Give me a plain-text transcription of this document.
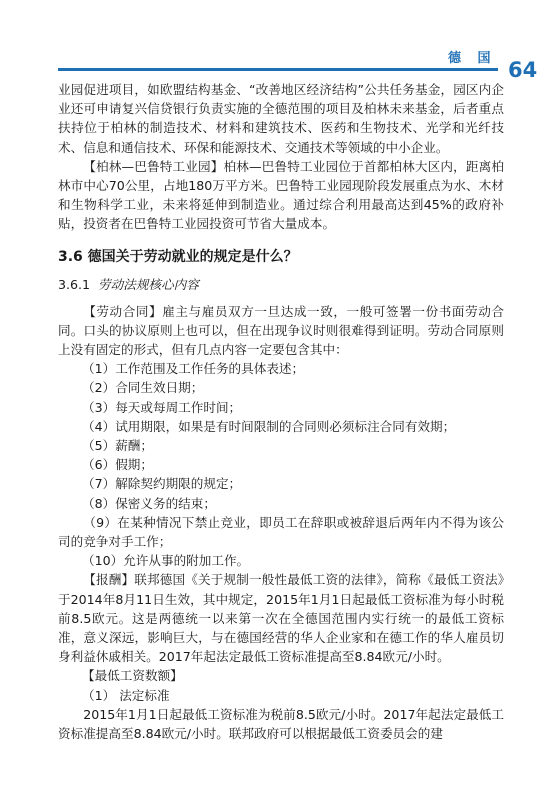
德 国 64

业园促进项目，如欧盟结构基金、“改善地区经济结构”公共任务基金，园区内企业还可申请复兴信贷银行负责实施的全德范围的项目及柏林未来基金，后者重点扶持位于柏林的制造技术、材料和建筑技术、医药和生物技术、光学和光纤技术、信息和通信技术、环保和能源技术、交通技术等领域的中小企业。

【柏林—巴鲁特工业园】柏林—巴鲁特工业园位于首都柏林大区内，距离柏林市中心70公里，占地180万平方米。巴鲁特工业园现阶段发展重点为水、木材和生物科学工业，未来将延伸到制造业。通过综合利用最高达到45%的政府补贴，投资者在巴鲁特工业园投资可节省大量成本。

3.6 德国关于劳动就业的规定是什么？

3.6.1 劳动法规核心内容

【劳动合同】雇主与雇员双方一旦达成一致，一般可签署一份书面劳动合同。口头的协议原则上也可以，但在出现争议时则很难得到证明。劳动合同原则上没有固定的形式，但有几点内容一定要包含其中：

（1）工作范围及工作任务的具体表述；

（2）合同生效日期；

（3）每天或每周工作时间；

（4）试用期限，如果是有时间限制的合同则必须标注合同有效期；

（5）薪酬；

（6）假期；

（7）解除契约期限的规定；

（8）保密义务的结束；

（9）在某种情况下禁止竞业，即员工在辞职或被辞退后两年内不得为该公司的竞争对手工作；

（10）允许从事的附加工作。

【报酬】联邦德国《关于规制一般性最低工资的法律》，简称《最低工资法》于2014年8月11日生效，其中规定，2015年1月1日起最低工资标准为每小时税前8.5欧元。这是两德统一以来第一次在全德国范围内实行统一的最低工资标准，意义深远，影响巨大，与在德国经营的华人企业家和在德工作的华人雇员切身利益休戚相关。2017年起法定最低工资标准提高至8.84欧元/小时。

【最低工资数额】

（1） 法定标准

2015年1月1日起最低工资标准为税前8.5欧元/小时。2017年起法定最低工资标准提高至8.84欧元/小时。联邦政府可以根据最低工资委员会的建
